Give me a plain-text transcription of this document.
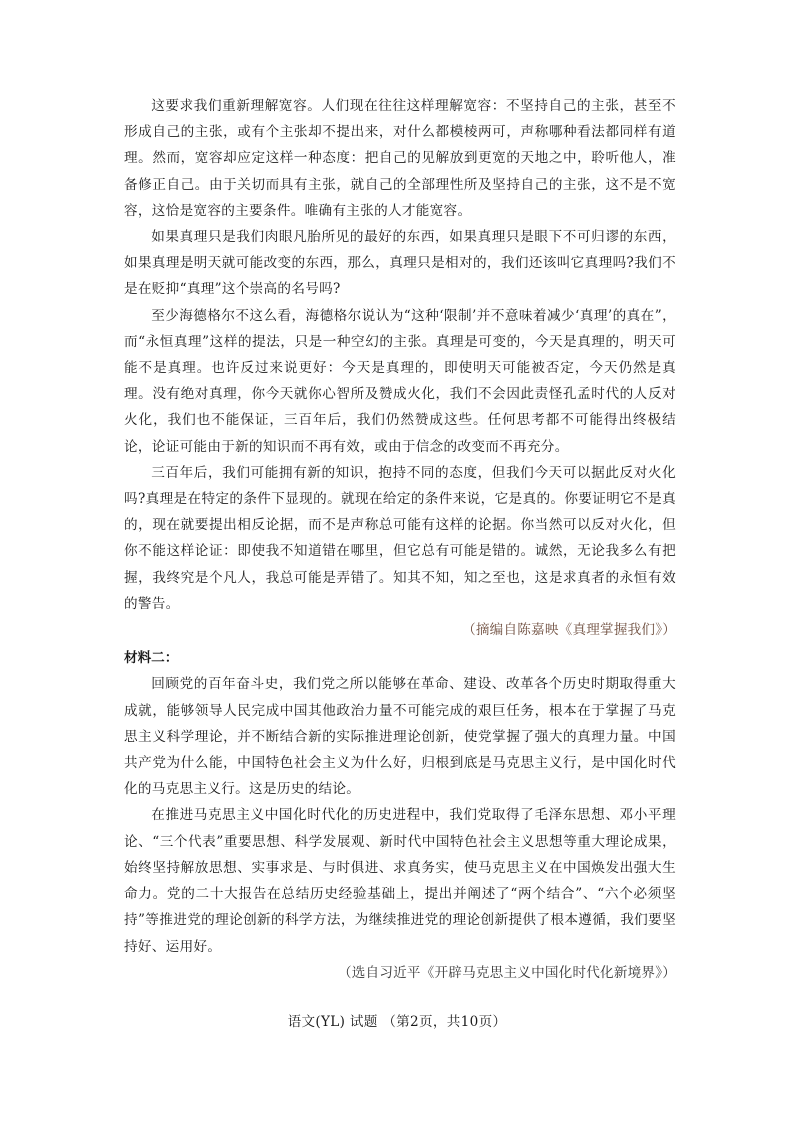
这要求我们重新理解宽容。人们现在往往这样理解宽容：不坚持自己的主张，甚至不形成自己的主张，或有个主张却不提出来，对什么都模棱两可，声称哪种看法都同样有道理。然而，宽容却应定这样一种态度：把自己的见解放到更宽的天地之中，聆听他人，准备修正自己。由于关切而具有主张，就自己的全部理性所及坚持自己的主张，这不是不宽容，这恰是宽容的主要条件。唯确有主张的人才能宽容。

如果真理只是我们肉眼凡胎所见的最好的东西，如果真理只是眼下不可归谬的东西，如果真理是明天就可能改变的东西，那么，真理只是相对的，我们还该叫它真理吗?我们不是在贬抑“真理”这个崇高的名号吗?

至少海德格尔不这么看，海德格尔说认为“这种‘限制’并不意味着减少‘真理’的真在”，而“永恒真理”这样的提法，只是一种空幻的主张。真理是可变的，今天是真理的，明天可能不是真理。也许反过来说更好：今天是真理的，即使明天可能被否定，今天仍然是真理。没有绝对真理，你今天就你心智所及赞成火化，我们不会因此责怪孔孟时代的人反对火化，我们也不能保证，三百年后，我们仍然赞成这些。任何思考都不可能得出终极结论，论证可能由于新的知识而不再有效，或由于信念的改变而不再充分。

三百年后，我们可能拥有新的知识，抱持不同的态度，但我们今天可以据此反对火化吗?真理是在特定的条件下显现的。就现在给定的条件来说，它是真的。你要证明它不是真的，现在就要提出相反论据，而不是声称总可能有这样的论据。你当然可以反对火化，但你不能这样论证：即使我不知道错在哪里，但它总有可能是错的。诚然，无论我多么有把握，我终究是个凡人，我总可能是弄错了。知其不知，知之至也，这是求真者的永恒有效的警告。

（摘编自陈嘉映《真理掌握我们》）

材料二：

回顾党的百年奋斗史，我们党之所以能够在革命、建设、改革各个历史时期取得重大成就，能够领导人民完成中国其他政治力量不可能完成的艰巨任务，根本在于掌握了马克思主义科学理论，并不断结合新的实际推进理论创新，使党掌握了强大的真理力量。中国共产党为什么能，中国特色社会主义为什么好，归根到底是马克思主义行，是中国化时代化的马克思主义行。这是历史的结论。

在推进马克思主义中国化时代化的历史进程中，我们党取得了毛泽东思想、邓小平理论、“三个代表”重要思想、科学发展观、新时代中国特色社会主义思想等重大理论成果，始终坚持解放思想、实事求是、与时俱进、求真务实，使马克思主义在中国焕发出强大生命力。党的二十大报告在总结历史经验基础上，提出并阐述了“两个结合”、“六个必须坚持”等推进党的理论创新的科学方法，为继续推进党的理论创新提供了根本遵循，我们要坚持好、运用好。

（选自习近平《开辟马克思主义中国化时代化新境界》）

语文(YL) 试题 （第2页，共10页）
